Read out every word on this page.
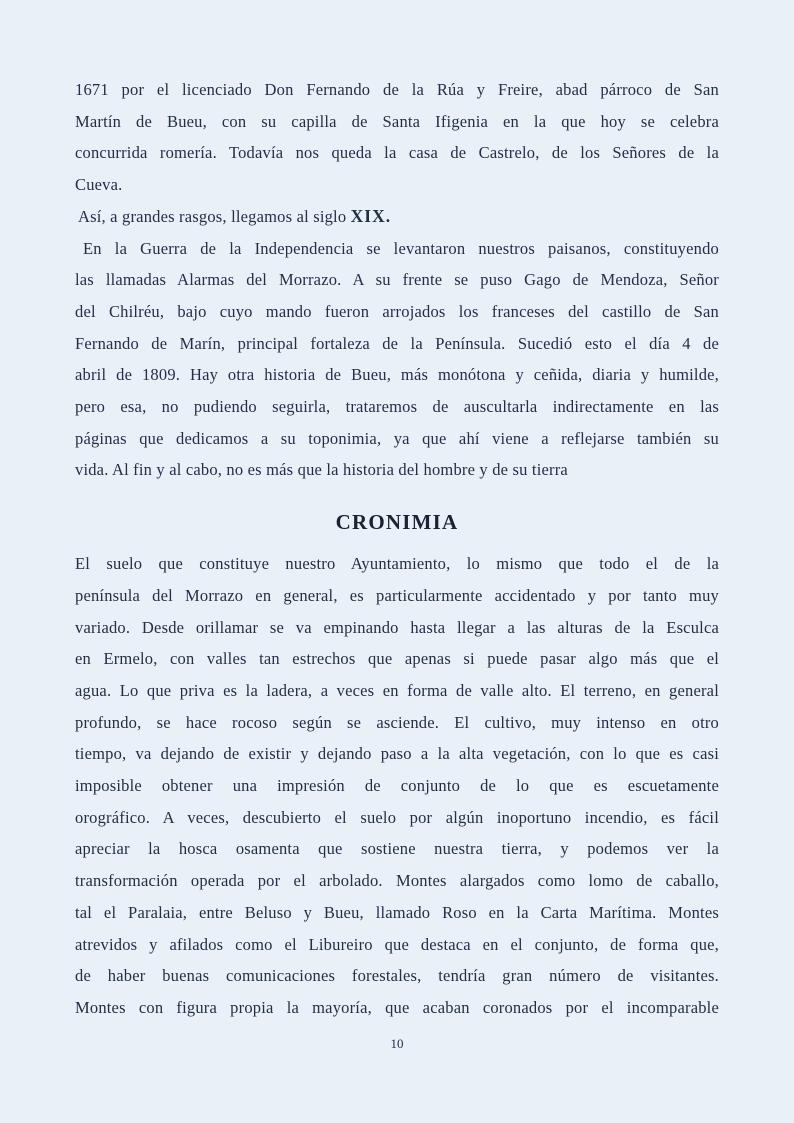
1671 por el licenciado Don Fernando de la Rúa y Freire, abad párroco de San
Martín de Bueu, con su capilla de Santa Ifigenia en la que hoy se celebra
concurrida romería. Todavía nos queda la casa de Castrelo, de los Señores de la
Cueva.
Así, a grandes rasgos, llegamos al siglo XIX.
En la Guerra de la Independencia se levantaron nuestros paisanos, constituyendo
las llamadas Alarmas del Morrazo. A su frente se puso Gago de Mendoza, Señor
del Chilréu, bajo cuyo mando fueron arrojados los franceses del castillo de San
Fernando de Marín, principal fortaleza de la Península. Sucedió esto el día 4 de
abril de 1809. Hay otra historia de Bueu, más monótona y ceñida, diaria y humilde,
pero esa, no pudiendo seguirla, trataremos de auscultarla indirectamente en las
páginas que dedicamos a su toponimia, ya que ahí viene a reflejarse también su
vida. Al fin y al cabo, no es más que la historia del hombre y de su tierra
CRONIMIA
El suelo que constituye nuestro Ayuntamiento, lo mismo que todo el de la
península del Morrazo en general, es particularmente accidentado y por tanto muy
variado. Desde orillamar se va empinando hasta llegar a las alturas de la Esculca
en Ermelo, con valles tan estrechos que apenas si puede pasar algo más que el
agua. Lo que priva es la ladera, a veces en forma de valle alto. El terreno, en general
profundo, se hace rocoso según se asciende. El cultivo, muy intenso en otro
tiempo, va dejando de existir y dejando paso a la alta vegetación, con lo que es casi
imposible obtener una impresión de conjunto de lo que es escuetamente
orográfico. A veces, descubierto el suelo por algún inoportuno incendio, es fácil
apreciar la hosca osamenta que sostiene nuestra tierra, y podemos ver la
transformación operada por el arbolado. Montes alargados como lomo de caballo,
tal el Paralaia, entre Beluso y Bueu, llamado Roso en la Carta Marítima. Montes
atrevidos y afilados como el Libureiro que destaca en el conjunto, de forma que,
de haber buenas comunicaciones forestales, tendría gran número de visitantes.
Montes con figura propia la mayoría, que acaban coronados por el incomparable
10
